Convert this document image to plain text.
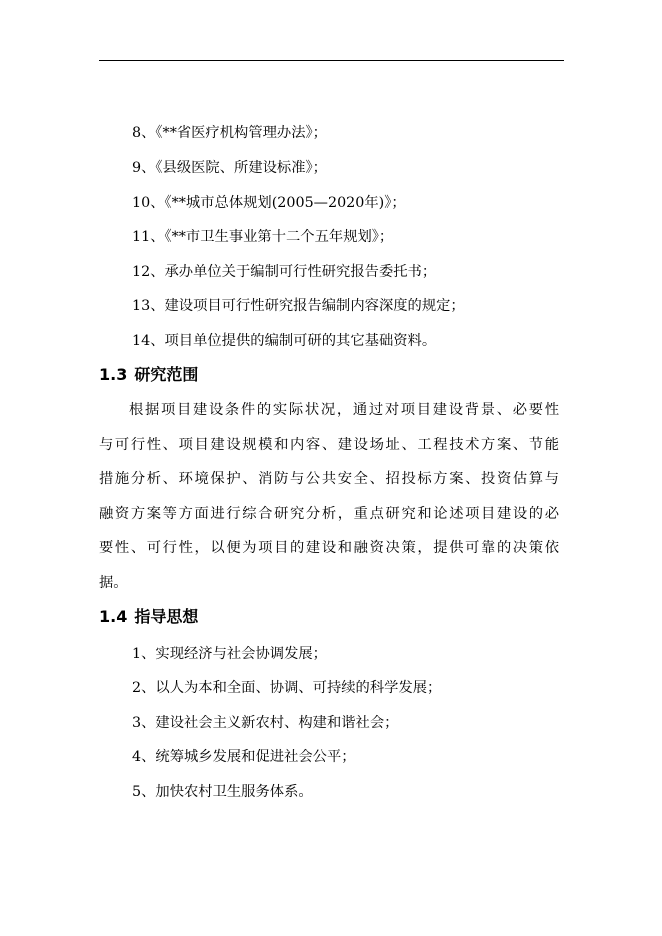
8、《**省医疗机构管理办法》；
9、《县级医院、所建设标准》；
10、《**城市总体规划(2005—2020年)》；
11、《**市卫生事业第十二个五年规划》；
12、承办单位关于编制可行性研究报告委托书；
13、建设项目可行性研究报告编制内容深度的规定；
14、项目单位提供的编制可研的其它基础资料。
1.3 研究范围
根据项目建设条件的实际状况，通过对项目建设背景、必要性
与可行性、项目建设规模和内容、建设场址、工程技术方案、节能
措施分析、环境保护、消防与公共安全、招投标方案、投资估算与
融资方案等方面进行综合研究分析，重点研究和论述项目建设的必
要性、可行性，以便为项目的建设和融资决策，提供可靠的决策依
据。
1.4 指导思想
1、实现经济与社会协调发展；
2、以人为本和全面、协调、可持续的科学发展；
3、建设社会主义新农村、构建和谐社会；
4、统筹城乡发展和促进社会公平；
5、加快农村卫生服务体系。
